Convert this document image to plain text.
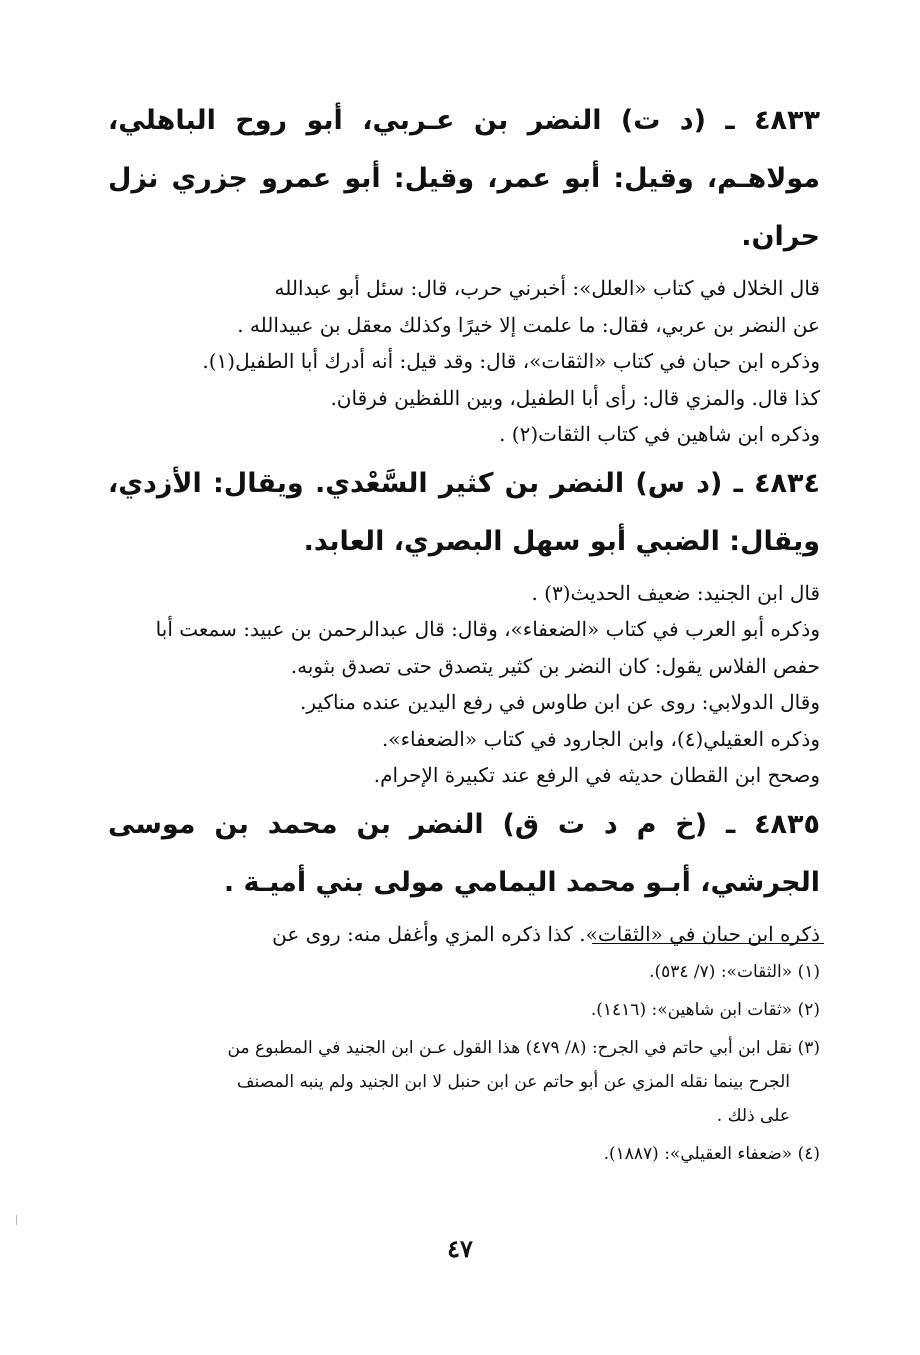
٤٨٣٣ ـ (د ت) النضر بن عـربي، أبو روح الباهلي، مولاهـم، وقيل: أبو عمر، وقيل: أبو عمرو جزري نزل حران.

قال الخلال في كتاب «العلل»: أخبرني حرب، قال: سئل أبو عبدالله

عن النضر بن عربي، فقال: ما علمت إلا خيرًا وكذلك معقل بن عبيدالله .

وذكره ابن حبان في كتاب «الثقات»، قال: وقد قيل: أنه أدرك أبا الطفيل(١).

كذا قال. والمزي قال: رأى أبا الطفيل، وبين اللفظين فرقان.

وذكره ابن شاهين في كتاب الثقات(٢) .

٤٨٣٤ ـ (د س) النضر بن كثير السَّعْدي. ويقال: الأزدي، ويقال: الضبي أبو سهل البصري، العابد.

قال ابن الجنيد: ضعيف الحديث(٣) .

وذكره أبو العرب في كتاب «الضعفاء»، وقال: قال عبدالرحمن بن عبيد: سمعت أبا

حفص الفلاس يقول: كان النضر بن كثير يتصدق حتى تصدق بثوبه.

وقال الدولابي: روى عن ابن طاوس في رفع اليدين عنده مناكير.

وذكره العقيلي(٤)، وابن الجارود في كتاب «الضعفاء».

وصحح ابن القطان حديثه في الرفع عند تكبيرة الإحرام.

٤٨٣٥ ـ (خ م د ت ق) النضر بن محمد بن موسى الجرشي، أبـو محمد اليمامي مولى بني أميـة .

ذكره ابن حبان في «الثقات». كذا ذكره المزي وأغفل منه: روى عن

(١) «الثقات»: (٧/ ٥٣٤).

(٢) «ثقات ابن شاهين»: (١٤١٦).

(٣) نقل ابن أبي حاتم في الجرح: (٨/ ٤٧٩) هذا القول عـن ابن الجنيد في المطبوع من
الجرح بينما نقله المزي عن أبو حاتم عن ابن حنبل لا ابن الجنيد ولم ينبه المصنف
على ذلك .

(٤) «ضعفاء العقيلي»: (١٨٨٧).

٤٧
